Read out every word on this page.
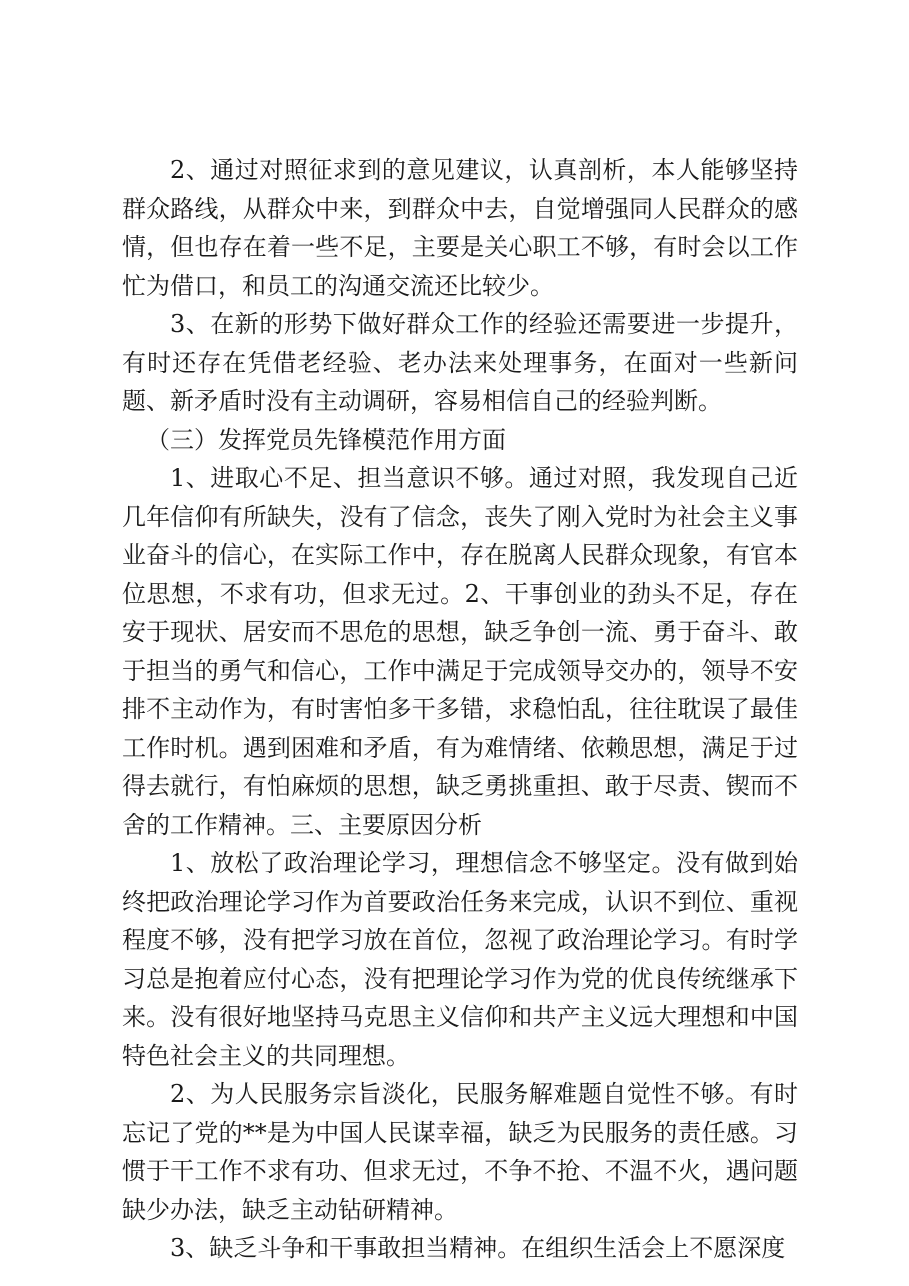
2、通过对照征求到的意见建议，认真剖析，本人能够坚持群众路线，从群众中来，到群众中去，自觉增强同人民群众的感情，但也存在着一些不足，主要是关心职工不够，有时会以工作忙为借口，和员工的沟通交流还比较少。

3、在新的形势下做好群众工作的经验还需要进一步提升，有时还存在凭借老经验、老办法来处理事务，在面对一些新问题、新矛盾时没有主动调研，容易相信自己的经验判断。

（三）发挥党员先锋模范作用方面

1、进取心不足、担当意识不够。通过对照，我发现自己近几年信仰有所缺失，没有了信念，丧失了刚入党时为社会主义事业奋斗的信心，在实际工作中，存在脱离人民群众现象，有官本位思想，不求有功，但求无过。2、干事创业的劲头不足，存在安于现状、居安而不思危的思想，缺乏争创一流、勇于奋斗、敢于担当的勇气和信心，工作中满足于完成领导交办的，领导不安排不主动作为，有时害怕多干多错，求稳怕乱，往往耽误了最佳工作时机。遇到困难和矛盾，有为难情绪、依赖思想，满足于过得去就行，有怕麻烦的思想，缺乏勇挑重担、敢于尽责、锲而不舍的工作精神。三、主要原因分析

1、放松了政治理论学习，理想信念不够坚定。没有做到始终把政治理论学习作为首要政治任务来完成，认识不到位、重视程度不够，没有把学习放在首位，忽视了政治理论学习。有时学习总是抱着应付心态，没有把理论学习作为党的优良传统继承下来。没有很好地坚持马克思主义信仰和共产主义远大理想和中国特色社会主义的共同理想。

2、为人民服务宗旨淡化，民服务解难题自觉性不够。有时忘记了党的**是为中国人民谋幸福，缺乏为民服务的责任感。习惯于干工作不求有功、但求无过，不争不抢、不温不火，遇问题缺少办法，缺乏主动钻研精神。

3、缺乏斗争和干事敢担当精神。在组织生活会上不愿深度
